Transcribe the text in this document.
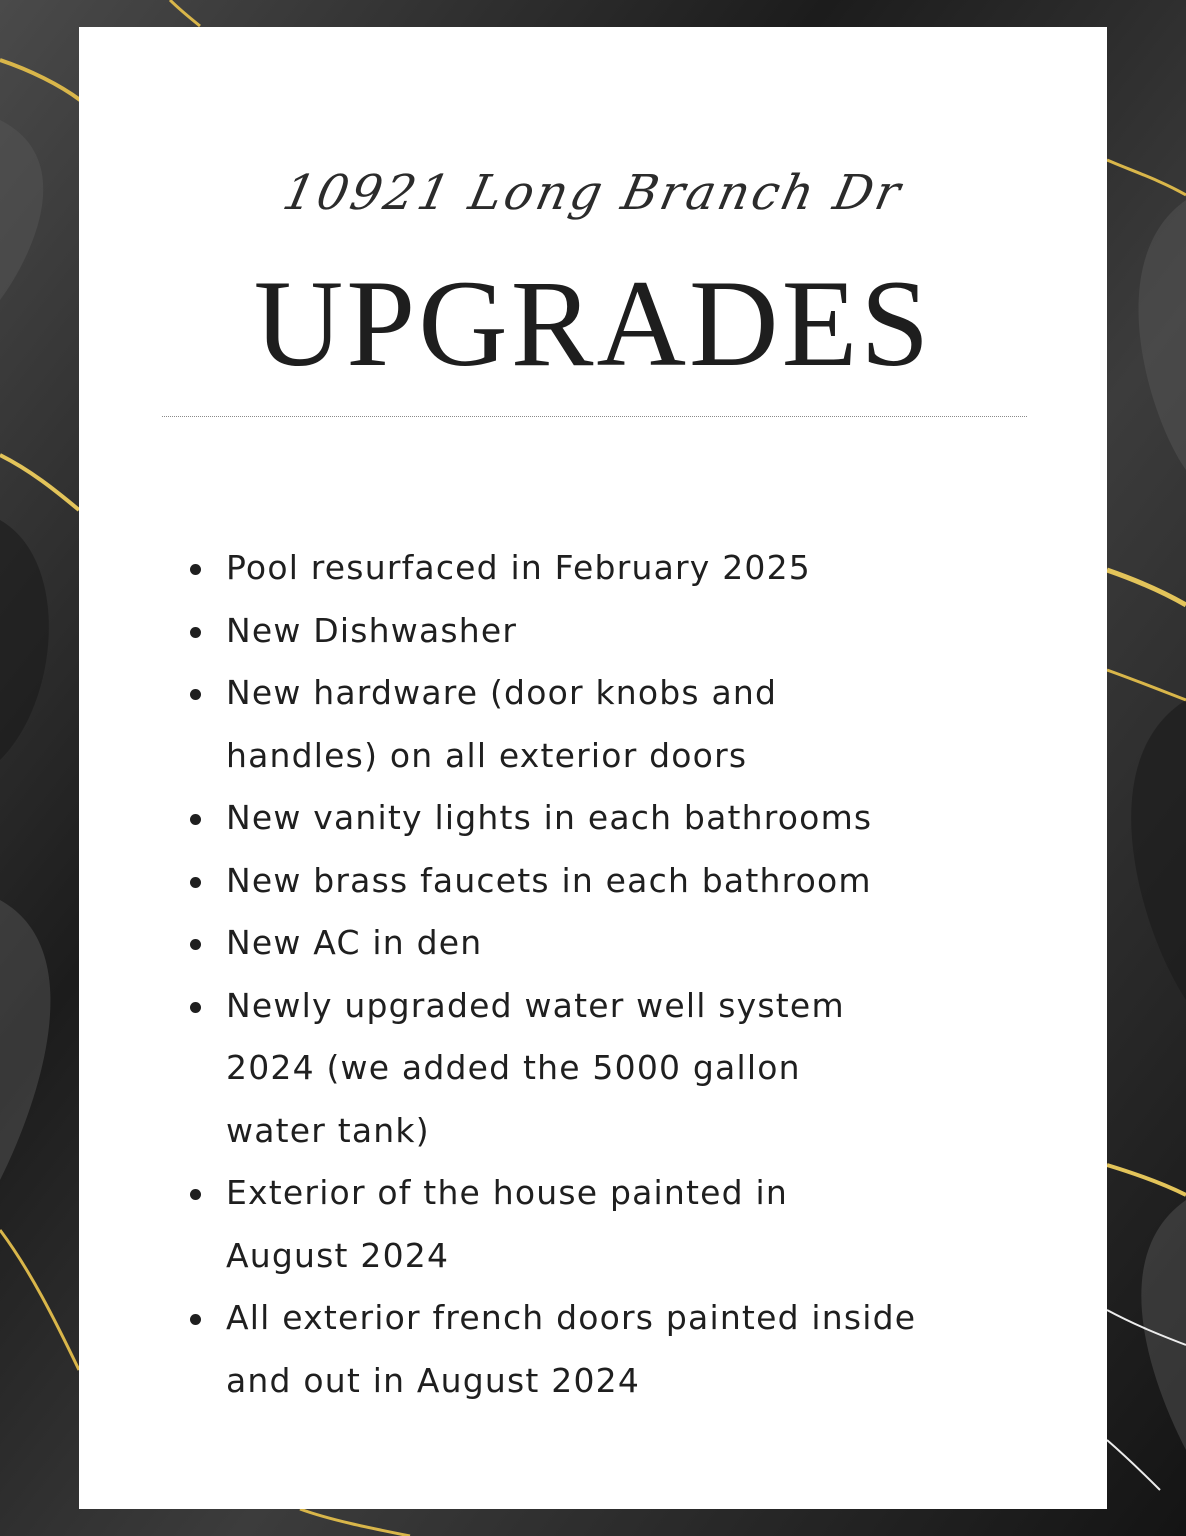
10921 Long Branch Dr
UPGRADES
Pool resurfaced in February 2025
New Dishwasher
New hardware (door knobs and handles) on all exterior doors
New vanity lights in each bathrooms
New brass faucets in each bathroom
New AC in den
Newly upgraded water well system 2024 (we added the 5000 gallon water tank)
Exterior of the house painted in August 2024
All exterior french doors painted inside and out in August 2024
